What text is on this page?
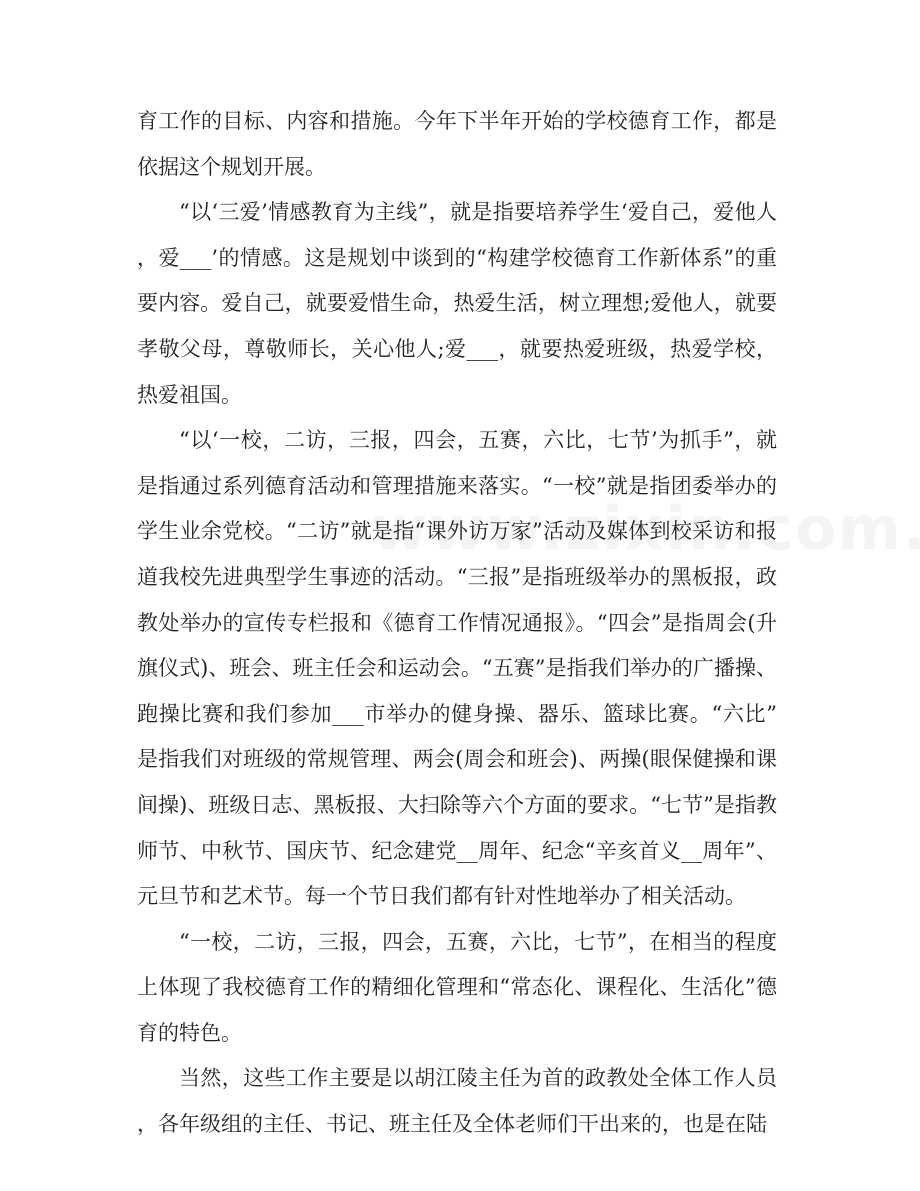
育工作的目标、内容和措施。今年下半年开始的学校德育工作，都是依据这个规划开展。

“以‘三爱’情感教育为主线”，就是指要培养学生‘爱自己，爱他人，爱___’的情感。这是规划中谈到的“构建学校德育工作新体系”的重要内容。爱自己，就要爱惜生命，热爱生活，树立理想;爱他人，就要孝敬父母，尊敬师长，关心他人;爱___，就要热爱班级，热爱学校，热爱祖国。

“以‘一校，二访，三报，四会，五赛，六比，七节’为抓手”，就是指通过系列德育活动和管理措施来落实。“一校”就是指团委举办的学生业余党校。“二访”就是指“课外访万家”活动及媒体到校采访和报道我校先进典型学生事迹的活动。“三报”是指班级举办的黑板报，政教处举办的宣传专栏报和《德育工作情况通报》。“四会”是指周会(升旗仪式)、班会、班主任会和运动会。“五赛”是指我们举办的广播操、跑操比赛和我们参加___市举办的健身操、器乐、篮球比赛。“六比”是指我们对班级的常规管理、两会(周会和班会)、两操(眼保健操和课间操)、班级日志、黑板报、大扫除等六个方面的要求。“七节”是指教师节、中秋节、国庆节、纪念建党__周年、纪念“辛亥首义__周年”、元旦节和艺术节。每一个节日我们都有针对性地举办了相关活动。

“一校，二访，三报，四会，五赛，六比，七节”，在相当的程度上体现了我校德育工作的精细化管理和“常态化、课程化、生活化”德育的特色。

当然，这些工作主要是以胡江陵主任为首的政教处全体工作人员，各年级组的主任、书记、班主任及全体老师们干出来的，也是在陆
